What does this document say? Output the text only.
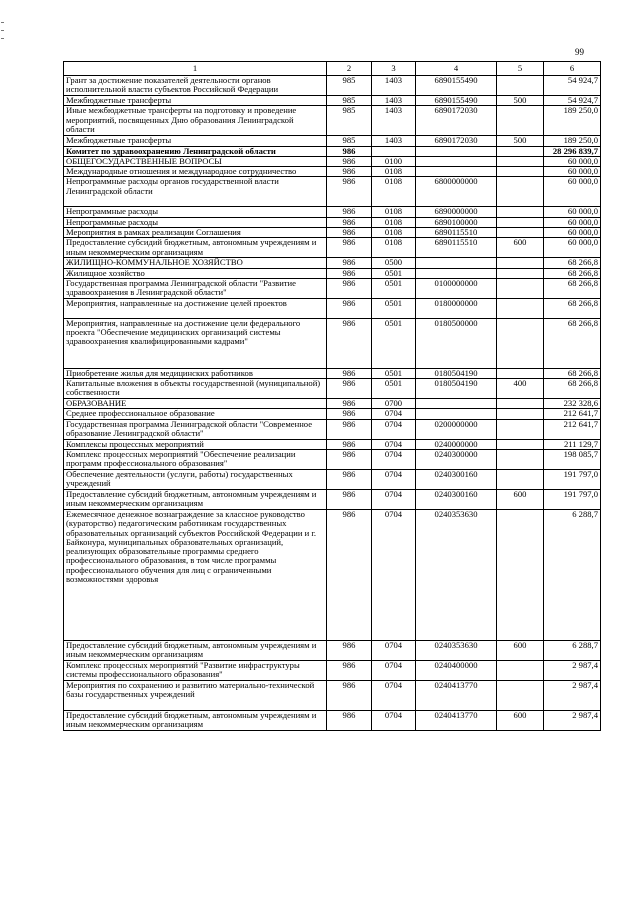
99
1	2	3	4	5	6
Грант за достижение показателей деятельности органов исполнительной власти субъектов Российской Федерации	985	1403	6890155490		54 924,7
Межбюджетные трансферты	985	1403	6890155490	500	54 924,7
Иные межбюджетные трансферты на подготовку и проведение мероприятий, посвященных Дню образования Ленинградской области	985	1403	6890172030		189 250,0
Межбюджетные трансферты	985	1403	6890172030	500	189 250,0
Комитет по здравоохранению Ленинградской области	986				28 296 839,7
ОБЩЕГОСУДАРСТВЕННЫЕ ВОПРОСЫ	986	0100			60 000,0
Международные отношения и международное сотрудничество	986	0108			60 000,0
Непрограммные расходы органов государственной власти Ленинградской области	986	0108	6800000000		60 000,0
Непрограммные расходы	986	0108	6890000000		60 000,0
Непрограммные расходы	986	0108	6890100000		60 000,0
Мероприятия в рамках реализации Соглашения	986	0108	6890115510		60 000,0
Предоставление субсидий бюджетным, автономным учреждениям и иным некоммерческим организациям	986	0108	6890115510	600	60 000,0
ЖИЛИЩНО-КОММУНАЛЬНОЕ ХОЗЯЙСТВО	986	0500			68 266,8
Жилищное хозяйство	986	0501			68 266,8
Государственная программа Ленинградской области "Развитие здравоохранения в Ленинградской области"	986	0501	0100000000		68 266,8
Мероприятия, направленные на достижение целей проектов	986	0501	0180000000		68 266,8
Мероприятия, направленные на достижение цели федерального проекта "Обеспечение медицинских организаций системы здравоохранения квалифицированными кадрами"	986	0501	0180500000		68 266,8
Приобретение жилья для медицинских работников	986	0501	0180504190		68 266,8
Капитальные вложения в объекты государственной (муниципальной) собственности	986	0501	0180504190	400	68 266,8
ОБРАЗОВАНИЕ	986	0700			232 328,6
Среднее профессиональное образование	986	0704			212 641,7
Государственная программа Ленинградской области "Современное образование Ленинградской области"	986	0704	0200000000		212 641,7
Комплексы процессных мероприятий	986	0704	0240000000		211 129,7
Комплекс процессных мероприятий "Обеспечение реализации программ профессионального образования"	986	0704	0240300000		198 085,7
Обеспечение деятельности (услуги, работы) государственных учреждений	986	0704	0240300160		191 797,0
Предоставление субсидий бюджетным, автономным учреждениям и иным некоммерческим организациям	986	0704	0240300160	600	191 797,0
Ежемесячное денежное вознаграждение за классное руководство (кураторство) педагогическим работникам государственных образовательных организаций субъектов Российской Федерации и г. Байконура, муниципальных образовательных организаций, реализующих образовательные программы среднего профессионального образования, в том числе программы профессионального обучения для лиц с ограниченными возможностями здоровья	986	0704	0240353630		6 288,7
Предоставление субсидий бюджетным, автономным учреждениям и иным некоммерческим организациям	986	0704	0240353630	600	6 288,7
Комплекс процессных мероприятий "Развитие инфраструктуры системы профессионального образования"	986	0704	0240400000		2 987,4
Мероприятия по сохранению и развитию материально-технической базы государственных учреждений	986	0704	0240413770		2 987,4
Предоставление субсидий бюджетным, автономным учреждениям и иным некоммерческим организациям	986	0704	0240413770	600	2 987,4
